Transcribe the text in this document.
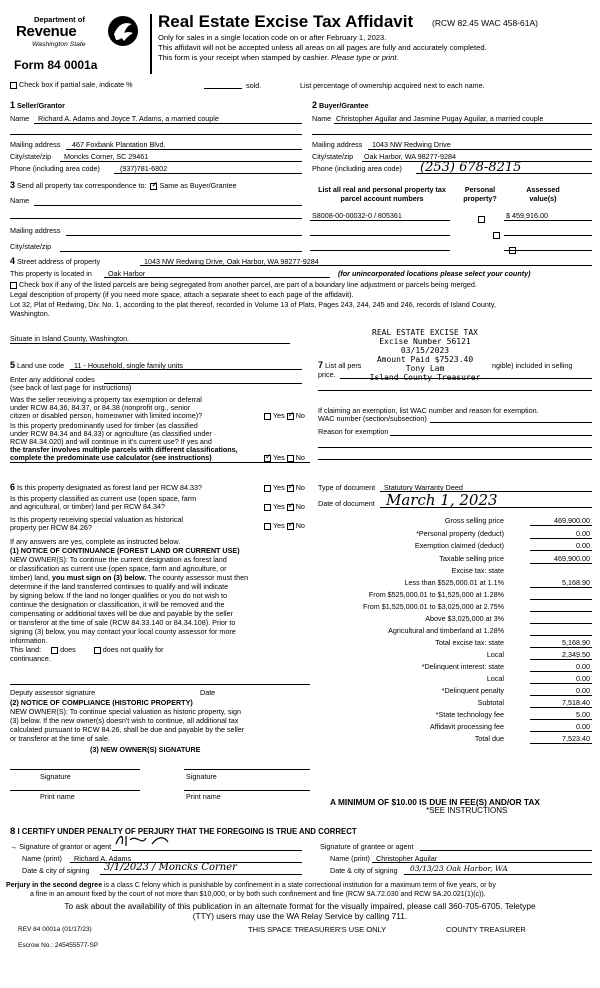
Department of
Revenue
Washington State
Form 84 0001a
Real Estate Excise Tax Affidavit (RCW 82.45 WAC 458-61A)
Only for sales in a single location code on or after February 1, 2023.
This affidavit will not be accepted unless all areas on all pages are fully and accurately completed.
This form is your receipt when stamped by cashier. Please type or print.
Check box if partial sale, indicate %	sold.	List percentage of ownership acquired next to each name.
1 Seller/Grantor
Name Richard A. Adams and Joyce T. Adams, a married couple
Mailing address 467 Foxbank Plantation Blvd.
City/state/zip Moncks Corner, SC 29461
Phone (including area code)	(937)781-6802
2 Buyer/Grantee
Name Christopher Aguilar and Jasmine Pugay Aguilar, a married couple
Mailing address 1043 NW Redwing Drive
City/state/zip Oak Harbor, WA 98277-9284
Phone (including area code) (253) 678-8215
3 Send all property tax correspondence to: ✓ Same as Buyer/Grantee
Name
Mailing address
City/state/zip
List all real and personal property tax parcel account numbers
Personal property?
Assessed value(s)
S8008-00-00032-0 / 805361
	$ 459,916.00

4 Street address of property	1043 NW Redwing Drive, Oak Harbor, WA 98277-9284
This property is located in Oak Harbor	(for unincorporated locations please select your county)
Check box if any of the listed parcels are being segregated from another parcel, are part of a boundary line adjustment or parcels being merged.
Legal description of property (if you need more space, attach a separate sheet to each page of the affidavit).
Lot 32, Plat of Redwing, Div. No. 1, according to the plat thereof, recorded in Volume 13 of Plats, Pages 243, 244, 245 and 246, records of Island County,
Washington.
Situate in Island County, Washington.
REAL ESTATE EXCISE TAX
Excise Number 56121
03/15/2023
Amount Paid $7523.40
Tony Lam
Island County Treasurer
5 Land use code 11 - Household, single family units
Enter any additional codes
(see back of last page for instructions)
Was the seller receiving a property tax exemption or deferral
under RCW 84.36, 84.37, or 84.38 (nonprofit org., senior
citizen or disabled person, homeowner with limited income)?	Yes ✓ No
Is this property predominantly used for timber (as classified
under RCW 84.34 and 84.33) or agriculture (as classified under
RCW 84.34.020) and will continue in it's current use? If yes and
the transfer involves multiple parcels with different classifications,
complete the predominate use calculator (see instructions) ✓	Yes No
7 List all pers	ngible) included in selling
price.
If claiming an exemption, list WAC number and reason for exemption.
WAC number (section/subsection)
Reason for exemption
6 Is this property designated as forest land per RCW 84.33?	Yes ✓ No
Is this property classified as current use (open space, farm
and agricultural, or timber) land per RCW 84.34?	Yes ✓ No
Is this property receiving special valuation as historical
property per RCW 84.26?	Yes ✓ No
If any answers are yes, complete as instructed below.
(1) NOTICE OF CONTINUANCE (FOREST LAND OR CURRENT USE)
NEW OWNER(S): To continue the current designation as forest land
or classification as current use (open space, farm and agriculture, or
timber) land, you must sign on (3) below. The county assessor must then
determine if the land transferred continues to qualify and will indicate
by signing below. If the land no longer qualifies or you do not wish to
continue the designation or classification, it will be removed and the
compensating or additional taxes will be due and payable by the seller
or transferor at the time of sale (RCW 84.33.140 or 84.34.108). Prior to
signing (3) below, you may contact your local county assessor for more
information.
This land:	does	does not qualify for
continuance.
Deputy assessor signature	Date
(2) NOTICE OF COMPLIANCE (HISTORIC PROPERTY)
NEW OWNER(S): To continue special valuation as historic property, sign
(3) below. If the new owner(s) doesn't wish to continue, all additional tax
calculated pursuant to RCW 84.26, shall be due and payable by the seller
or transferor at the time of sale.
(3) NEW OWNER(S) SIGNATURE
Signature	Signature
Print name	Print name
Type of document Statutory Warranty Deed
Date of document March 1, 2023
Gross selling price	469,900.00
*Personal property (deduct)	0.00
Exemption claimed (deduct)	0.00
Taxable selling price	469,900.00
Excise tax: state
Less than $525,000.01 at 1.1%	5,168.90
From $525,000.01 to $1,525,000 at 1.28%
From $1,525,000.01 to $3,025,000 at 2.75%
Above $3,025,000 at 3%
Agricultural and timberland at 1.28%
Total excise tax: state	5,168.90
Local	2,349.50
*Delinquent interest: state	0.00
Local	0.00
*Delinquent penalty	0.00
Subtotal	7,518.40
*State technology fee	5.00
Affidavit processing fee	0.00
Total due	7,523.40
A MINIMUM OF $10.00 IS DUE IN FEE(S) AND/OR TAX
*SEE INSTRUCTIONS
8 I CERTIFY UNDER PENALTY OF PERJURY THAT THE FOREGOING IS TRUE AND CORRECT
→ Signature of grantor or agent
Name (print) Richard A. Adams
Date & city of signing 3/1/2023 / Moncks Corner
Signature of grantee or agent
Name (print) Christopher Aguilar
Date & city of signing 03/13/23 Oak Harbor, WA
Perjury in the second degree is a class C felony which is punishable by confinement in a state correctional institution for a maximum term of five years, or by
a fine in an amount fixed by the court of not more than $10,000, or by both such confinement and fine (RCW 9A.72.030 and RCW 9A.20.021(1)(c)).
To ask about the availability of this publication in an alternate format for the visually impaired, please call 360-705-6705. Teletype
(TTY) users may use the WA Relay Service by calling 711.
REV 84 0001a (01/17/23)	THIS SPACE TREASURER'S USE ONLY	COUNTY TREASURER
Escrow No.: 245455577-SP
